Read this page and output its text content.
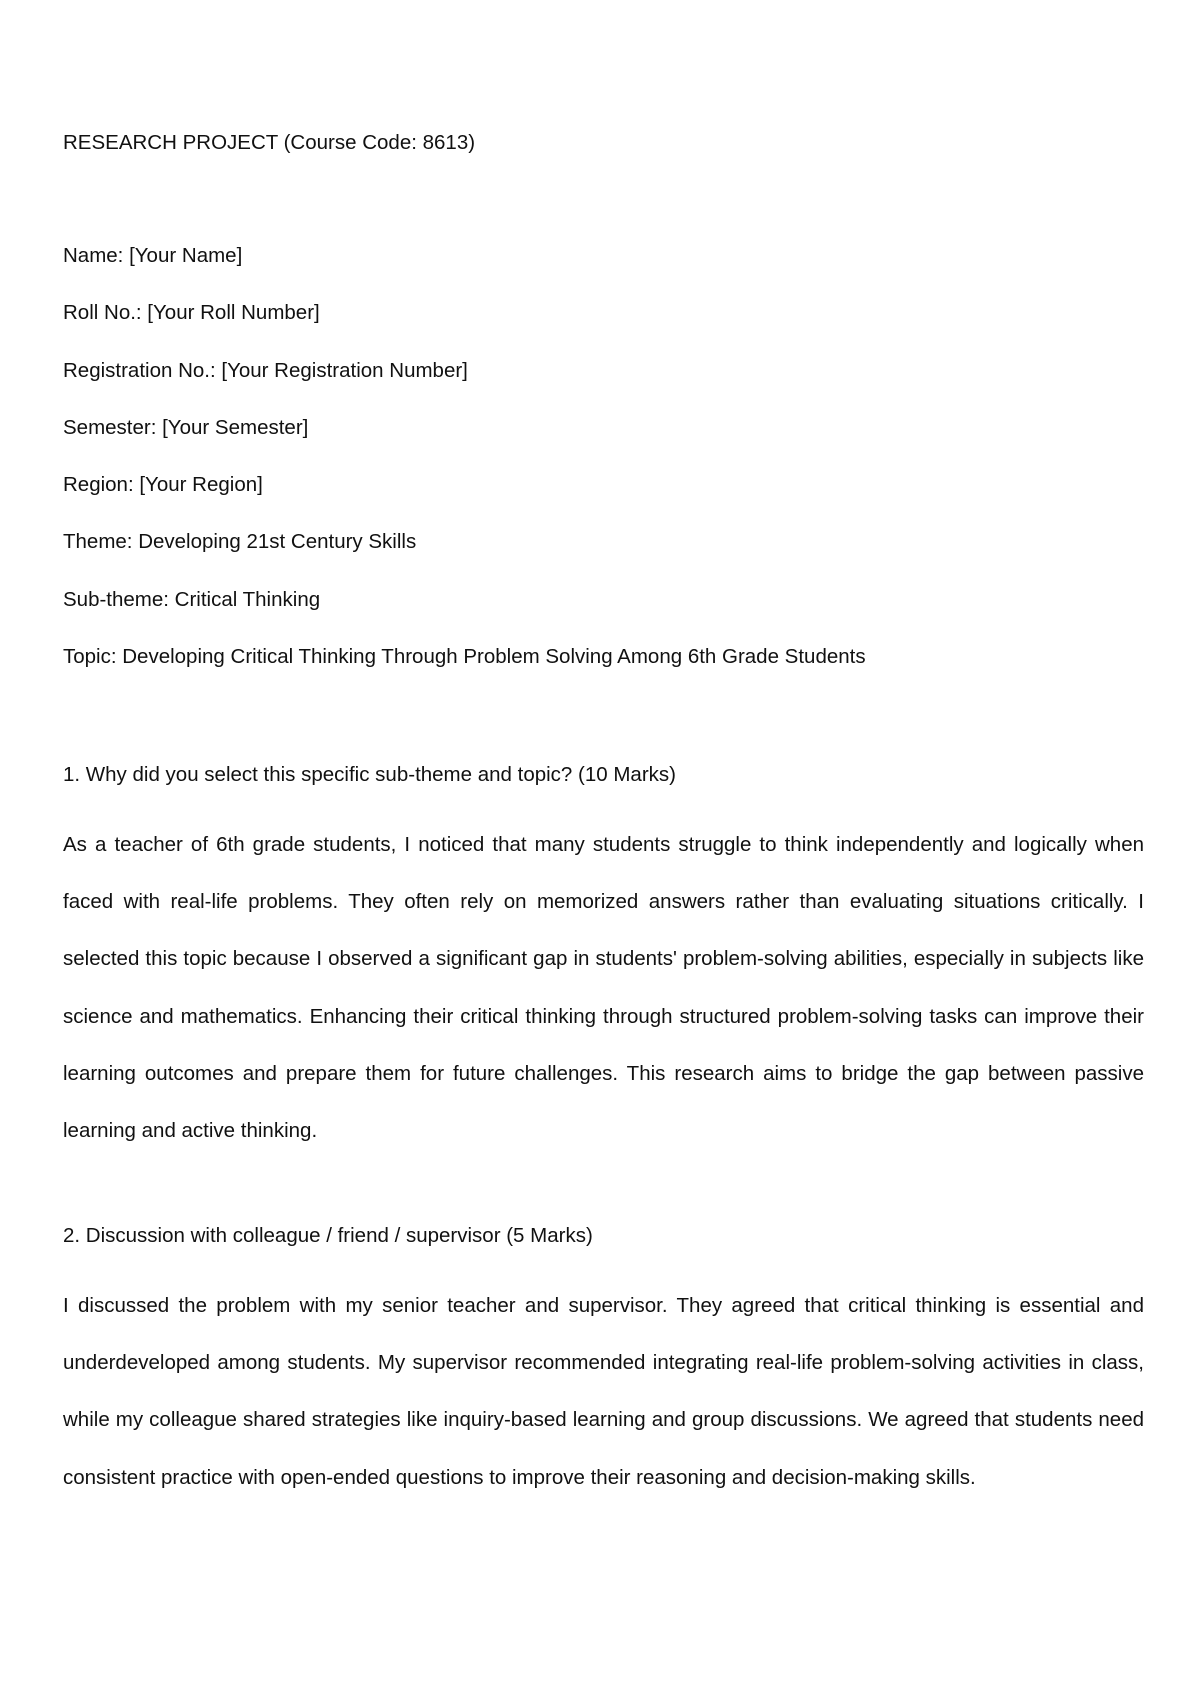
RESEARCH PROJECT (Course Code: 8613)
Name: [Your Name]
Roll No.: [Your Roll Number]
Registration No.: [Your Registration Number]
Semester: [Your Semester]
Region: [Your Region]
Theme: Developing 21st Century Skills
Sub-theme: Critical Thinking
Topic: Developing Critical Thinking Through Problem Solving Among 6th Grade Students
1. Why did you select this specific sub-theme and topic? (10 Marks)

As a teacher of 6th grade students, I noticed that many students struggle to think independently and logically when faced with real-life problems. They often rely on memorized answers rather than evaluating situations critically. I selected this topic because I observed a significant gap in students' problem-solving abilities, especially in subjects like science and mathematics. Enhancing their critical thinking through structured problem-solving tasks can improve their learning outcomes and prepare them for future challenges. This research aims to bridge the gap between passive learning and active thinking.

2. Discussion with colleague / friend / supervisor (5 Marks)

I discussed the problem with my senior teacher and supervisor. They agreed that critical thinking is essential and underdeveloped among students. My supervisor recommended integrating real-life problem-solving activities in class, while my colleague shared strategies like inquiry-based learning and group discussions. We agreed that students need consistent practice with open-ended questions to improve their reasoning and decision-making skills.
